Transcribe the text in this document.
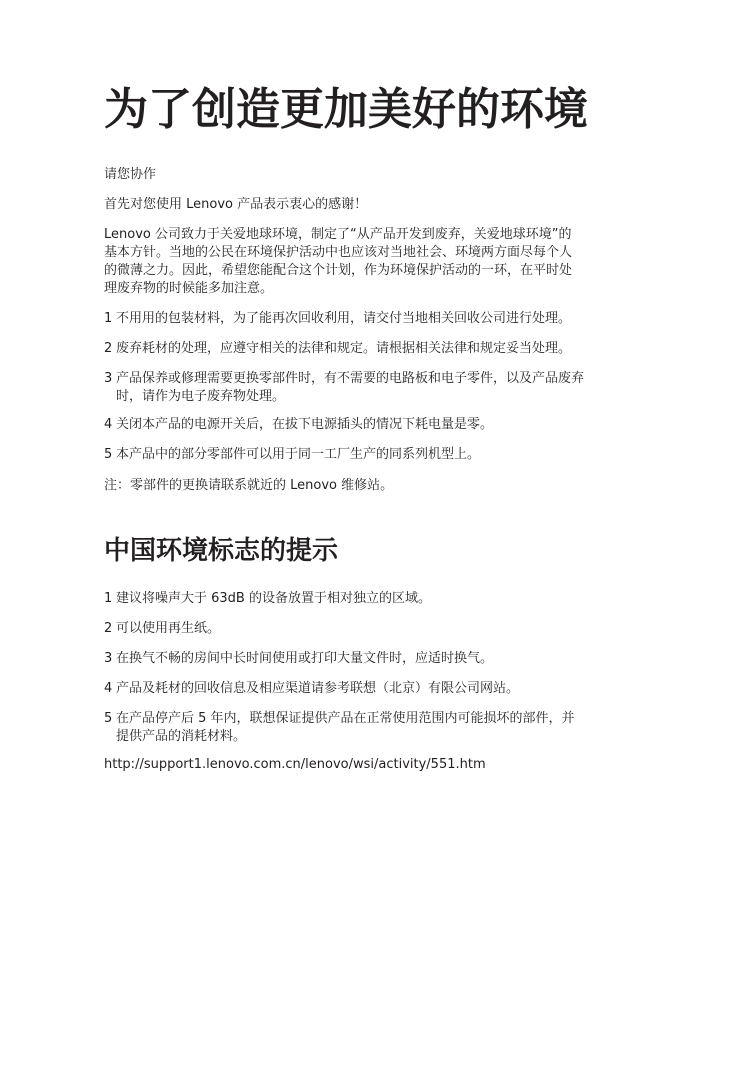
为了创造更加美好的环境

请您协作

首先对您使用 Lenovo 产品表示衷心的感谢！

Lenovo 公司致力于关爱地球环境，制定了“从产品开发到废弃，关爱地球环境”的
基本方针。当地的公民在环境保护活动中也应该对当地社会、环境两方面尽每个人
的微薄之力。因此，希望您能配合这个计划，作为环境保护活动的一环，在平时处
理废弃物的时候能多加注意。
1 不用用的包装材料，为了能再次回收利用，请交付当地相关回收公司进行处理。
2 废弃耗材的处理，应遵守相关的法律和规定。请根据相关法律和规定妥当处理。
3 产品保养或修理需要更换零部件时，有不需要的电路板和电子零件，以及产品废弃
时，请作为电子废弃物处理。
4 关闭本产品的电源开关后，在拔下电源插头的情况下耗电量是零。
5 本产品中的部分零部件可以用于同一工厂生产的同系列机型上。

注：零部件的更换请联系就近的 Lenovo 维修站。

中国环境标志的提示
1 建议将噪声大于 63dB 的设备放置于相对独立的区域。
2 可以使用再生纸。
3 在换气不畅的房间中长时间使用或打印大量文件时，应适时换气。
4 产品及耗材的回收信息及相应渠道请参考联想（北京）有限公司网站。
5 在产品停产后 5 年内，联想保证提供产品在正常使用范围内可能损坏的部件，并
提供产品的消耗材料。

http://support1.lenovo.com.cn/lenovo/wsi/activity/551.htm
